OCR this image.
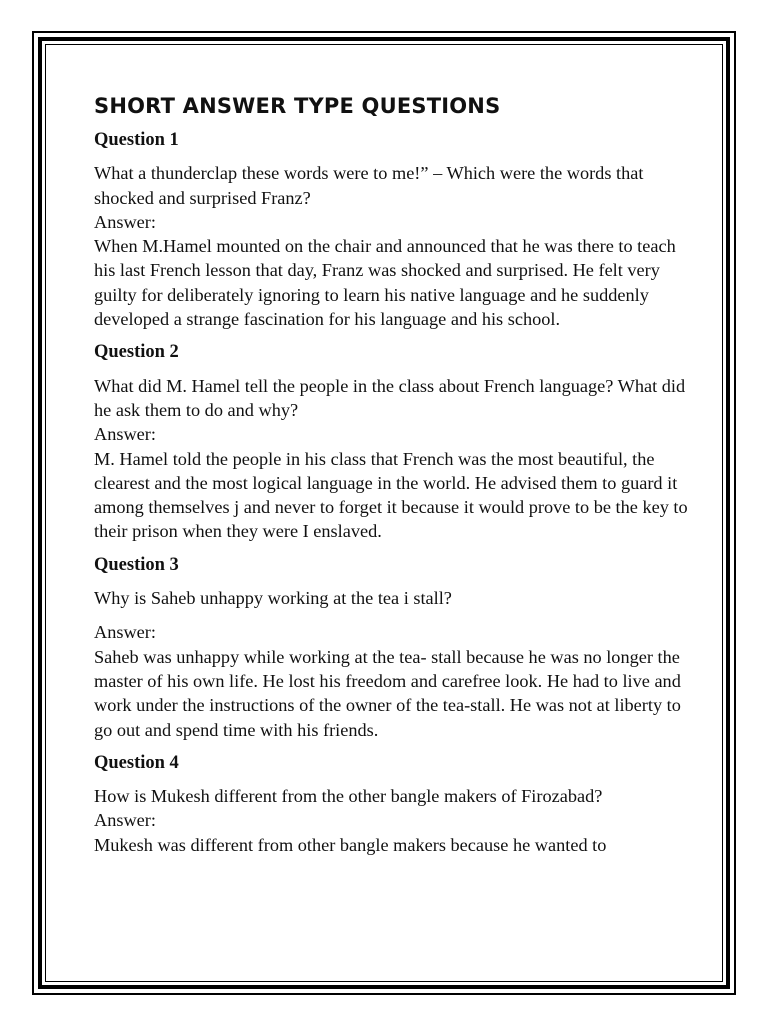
SHORT ANSWER TYPE QUESTIONS
Question 1

What a thunderclap these words were to me!” – Which were the words that shocked and surprised Franz?

Answer:

When M.Hamel mounted on the chair and announced that he was there to teach his last French lesson that day, Franz was shocked and surprised. He felt very guilty for deliberately ignoring to learn his native language and he suddenly developed a strange fascination for his language and his school.

Question 2

What did M. Hamel tell the people in the class about French language? What did he ask them to do and why?

Answer:

M. Hamel told the people in his class that French was the most beautiful, the clearest and the most logical language in the world. He advised them to guard it among themselves j and never to forget it because it would prove to be the key to their prison when they were I enslaved.

Question 3

Why is Saheb unhappy working at the tea i stall?

Answer:

Saheb was unhappy while working at the tea- stall because he was no longer the master of his own life. He lost his freedom and carefree look. He had to live and work under the instructions of the owner of the tea-stall. He was not at liberty to go out and spend time with his friends.

Question 4

How is Mukesh different from the other bangle makers of Firozabad?

Answer:

Mukesh was different from other bangle makers because he wanted to
